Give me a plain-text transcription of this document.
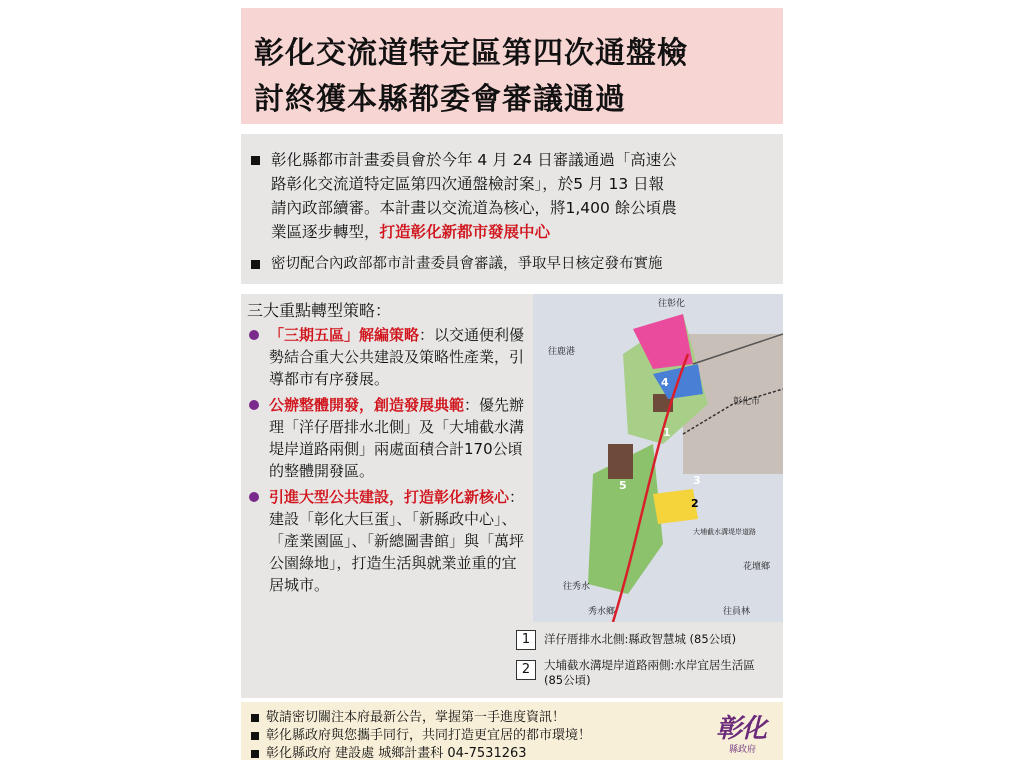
彰化交流道特定區第四次通盤檢
討終獲本縣都委會審議通過
彰化縣都市計畫委員會於今年 4 月 24 日審議通過「高速公
路彰化交流道特定區第四次通盤檢討案」，於5 月 13 日報
請內政部續審。本計畫以交流道為核心，將1,400 餘公頃農
業區逐步轉型，打造彰化新都市發展中心
密切配合內政部都市計畫委員會審議，爭取早日核定發布實施
三大重點轉型策略：
「三期五區」解編策略：以交通便利優勢結合重大公共建設及策略性產業，引導都市有序發展。
公辦整體開發，創造發展典範：優先辦理「洋仔厝排水北側」及「大埔截水溝堤岸道路兩側」兩處面積合計170公頃的整體開發區。
引進大型公共建設，打造彰化新核心：建設「彰化大巨蛋」、「新縣政中心」、「產業園區」、「新總圖書館」與「萬坪公園綠地」，打造生活與就業並重的宜居城市。
4
1
2
5	3
彰化市
花壇鄉
秀水鄉
往彰化
大埔截水溝堤岸道路
往鹿港
往秀水
往員林
1	洋仔厝排水北側:縣政智慧城 (85公頃)
2	大埔截水溝堤岸道路兩側:水岸宜居生活區
(85公頃)
敬請密切關注本府最新公告，掌握第一手進度資訊！
彰化縣政府與您攜手同行，共同打造更宜居的都市環境！
彰化縣政府 建設處 城鄉計畫科 04-7531263
彰化
縣政府
